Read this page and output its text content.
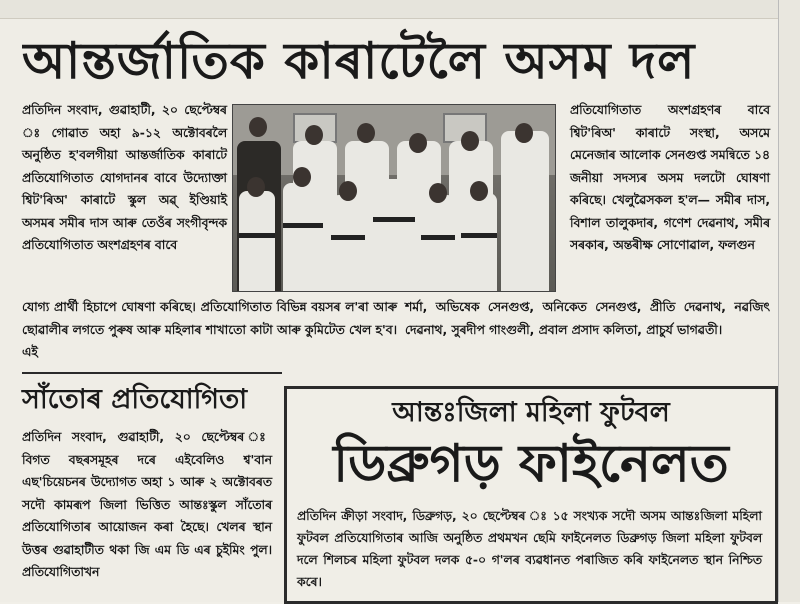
আন্তৰ্জাতিক কাৰাটেলৈ অসম দল
প্ৰতিদিন সংবাদ, গুৱাহাটী, ২০ ছেপ্টেম্বৰ ঃ গোৱাত অহা ৯-১২ অক্টোবৰলৈ অনুষ্ঠিত হ'বলগীয়া আন্তৰ্জাতিক কাৰাটে প্ৰতিযোগিতাত যোগদানৰ বাবে উদ্যোক্তা শ্বিট'ৰিঅ' কাৰাটে স্কুল অৱ্ ইণ্ডিয়াই অসমৰ সমীৰ দাস আৰু তেওঁৰ সংগীবৃন্দক প্ৰতিযোগিতাত অংশগ্ৰহণৰ বাবে
প্ৰতিযোগিতাত অংশগ্ৰহণৰ বাবে শ্বিট'ৰিঅ' কাৰাটে সংস্থা, অসমে মেনেজাৰ আলোক সেনগুপ্ত সমন্বিতে ১৪ জনীয়া সদস্যৰ অসম দলটো ঘোষণা কৰিছে। খেলুৱৈসকল হ'ল— সমীৰ দাস, বিশাল তালুকদাৰ, গণেশ দেৱনাথ, সমীৰ সৰকাৰ, অন্তৰীক্ষ সোণোৱাল, ফলগুন
শৰ্মা, অভিষেক সেনগুপ্ত, অনিকেত সেনগুপ্ত, প্ৰীতি দেৱনাথ, নৱজিৎ দেৱনাথ, সুৰদীপ গাংগুলী, প্ৰবাল প্ৰসাদ কলিতা, প্ৰাচুৰ্য ভাগৱতী।
যোগ্য প্ৰাৰ্থী হিচাপে ঘোষণা কৰিছে। প্ৰতিযোগিতাত বিভিন্ন বয়সৰ ল'ৰা আৰু ছোৱালীৰ লগতে পুৰুষ আৰু মহিলাৰ শাখাতো কাটা আৰু কুমিটেত খেল হ'ব। এই
সাঁতোৰ প্ৰতিযোগিতা
প্ৰতিদিন সংবাদ, গুৱাহাটী, ২০ ছেপ্টেম্বৰ ঃ বিগত বছৰসমূহৰ দৰে এইবেলিও শ্ব'বান এছ'চিয়েচনৰ উদ্যোগত অহা ১ আৰু ২ অক্টোবৰত সদৌ কামৰূপ জিলা ভিত্তিত আন্তঃস্কুল সাঁতোৰ প্ৰতিযোগিতাৰ আয়োজন কৰা হৈছে। খেলৰ স্থান উত্তৰ গুৱাহাটীত থকা জি এম ডি এৰ চুইমিং পুল। প্ৰতিযোগিতাখন
আন্তঃজিলা মহিলা ফুটবল
ডিব্ৰুগড় ফাইনেলত
প্ৰতিদিন ক্ৰীড়া সংবাদ, ডিব্ৰুগড়, ২০ ছেপ্টেম্বৰ ঃ ১৫ সংখ্যক সদৌ অসম আন্তঃজিলা মহিলা ফুটবল প্ৰতিযোগিতাৰ আজি অনুষ্ঠিত প্ৰথমখন ছেমি ফাইনেলত ডিব্ৰুগড় জিলা মহিলা ফুটবল দলে শিলচৰ মহিলা ফুটবল দলক ৫-০ গ'লৰ ব্যৱধানত পৰাজিত কৰি ফাইনেলত স্থান নিশ্চিত কৰে।
